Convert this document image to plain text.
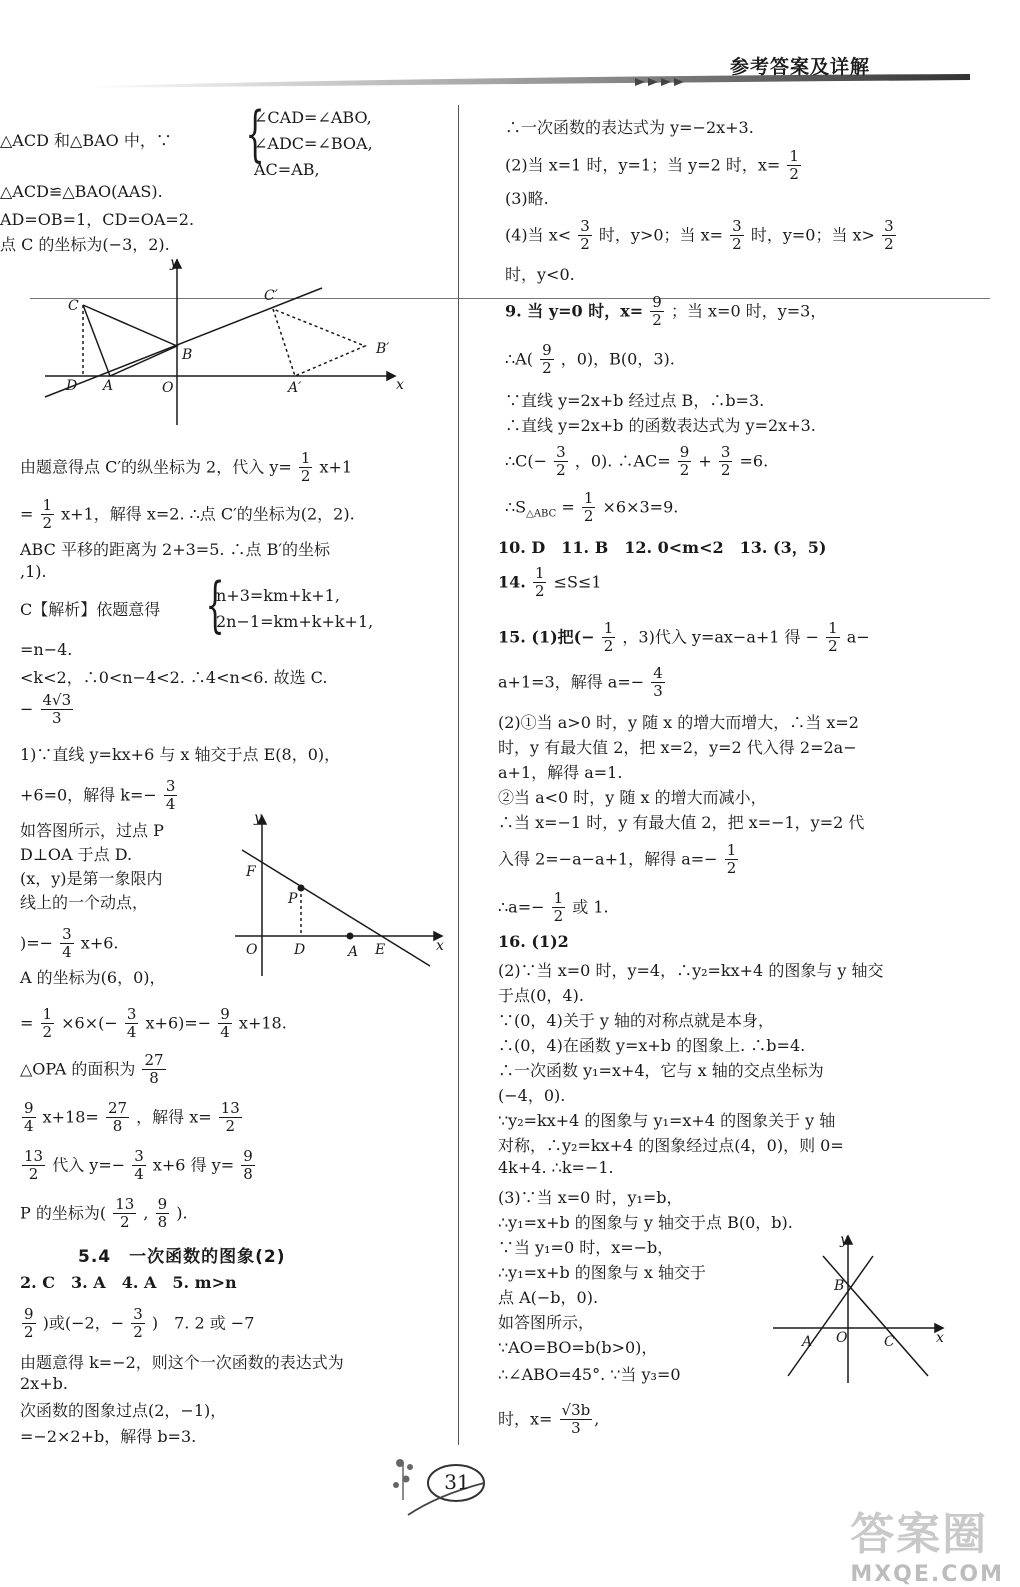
参考答案及详解
△ACD 和△BAO 中，∵ {
∠CAD=∠ABO,
∠ADC=∠BOA,
AC=AB,
△ACD≌△BAO(AAS).
AD=OB=1，CD=OA=2.
点 C 的坐标为(−3，2).
y
C
C′
B	B′
D A	O	A′	x
由题意得点 C′的纵坐标为 2，代入 $y= \frac{1}{2} x+1$
= $\frac{1}{2} x+1$，解得 x=2. ∴点 C′的坐标为(2，2).
ABC 平移的距离为 2+3=5. ∴点 B′的坐标
,1).
C【解析】依题意得 {
n+3=km+k+1,
2n−1=km+k+k+1,
=n−4.
<k<2，∴0<n−4<2. ∴4<n<6. 故选 C.
− $\frac{4√3}{3}$
1)∵直线 y=kx+6 与 x 轴交于点 E(8，0)，
+6=0，解得 $k=- \frac{3}{4}$
如答图所示，过点 P
D⊥OA 于点 D.
(x，y)是第一象限内
线上的一个动点，
)=− $\frac{3}{4} x+6$.
y
F
P
O	D	A E	x
A 的坐标为(6，0)，
= $\frac{1}{2} \times 6\times(- \frac{3}{4} x+6)=- \frac{9}{4} x+18$.
△OPA 的面积为 $\frac{27}{8}$
$\frac{9}{4} x+18= \frac{27}{8}$ ，解得 $x= \frac{13}{2}$
$\frac{13}{2}$ 代入 $y=- \frac{3}{4} x+6$ 得 $y= \frac{9}{8}$
P 的坐标为( $\frac{13}{2}$ , $\frac{9}{8}$ ).
5.4　一次函数的图象(2)
2. C　3. A　4. A　5. m>n
$\frac{9}{2}$ )或(−2，− $\frac{3}{2}$ )　7. 2 或 −7
由题意得 k=−2，则这个一次函数的表达式为
2x+b.
次函数的图象过点(2，−1)，
=−2×2+b，解得 b=3.
∴一次函数的表达式为 y=−2x+3.
(2)当 x=1 时，y=1；当 y=2 时，$x= \frac{1}{2}$
(3)略.
(4)当 $x< \frac{3}{2}$ 时，y>0；当 $x= \frac{3}{2}$ 时，y=0；当 $x> \frac{3}{2}$
时，y<0.
9. 当 y=0 时，$x= \frac{9}{2}$ ；当 x=0 时，y=3，
∴A( $\frac{9}{2}$ ，0)，B(0，3).
∵直线 y=2x+b 经过点 B，∴b=3.
∴直线 y=2x+b 的函数表达式为 y=2x+3.
∴C(− $\frac{3}{2}$ ，0). ∴AC= $\frac{9}{2} + \frac{3}{2} =6$.
$\therefore S_{\triangle ABC} = \frac{1}{2} \times 6\times 3=9$.
10. D　11. B　12. 0<m<2　13. (3，5)
14. $\frac{1}{2} \le S\le 1$
15. (1)把(− $\frac{1}{2}$ ，3)代入 y=ax−a+1 得 − $\frac{1}{2} a-$
a+1=3，解得 $a=- \frac{4}{3}$
(2)①当 a>0 时，y 随 x 的增大而增大，∴当 x=2
时，y 有最大值 2，把 x=2，y=2 代入得 2=2a−
a+1，解得 a=1.
②当 a<0 时，y 随 x 的增大而减小，
∴当 x=−1 时，y 有最大值 2，把 x=−1，y=2 代
入得 2=−a−a+1，解得 $a=- \frac{1}{2}$
∴a=− $\frac{1}{2}$ 或 1.
16. (1)2
(2)∵当 x=0 时，y=4，∴y₂=kx+4 的图象与 y 轴交
于点(0，4).
∵(0，4)关于 y 轴的对称点就是本身，
∴(0，4)在函数 y=x+b 的图象上. ∴b=4.
∴一次函数 y₁=x+4，它与 x 轴的交点坐标为
(−4，0).
∵y₂=kx+4 的图象与 y₁=x+4 的图象关于 y 轴
对称，∴y₂=kx+4 的图象经过点(4，0)，则 0=
4k+4. ∴k=−1.
(3)∵当 x=0 时，y₁=b，
∴y₁=x+b 的图象与 y 轴交于点 B(0，b).
∵当 y₁=0 时，x=−b，
∴y₁=x+b 的图象与 x 轴交于
点 A(−b，0).
如答图所示，
∵AO=BO=b(b>0)，
∴∠ABO=45°. ∵当 y₃=0
时，$x= \frac{√3b}{3}$ ,
y
B
A O	C	x
31
答案圈
MXQE.COM
